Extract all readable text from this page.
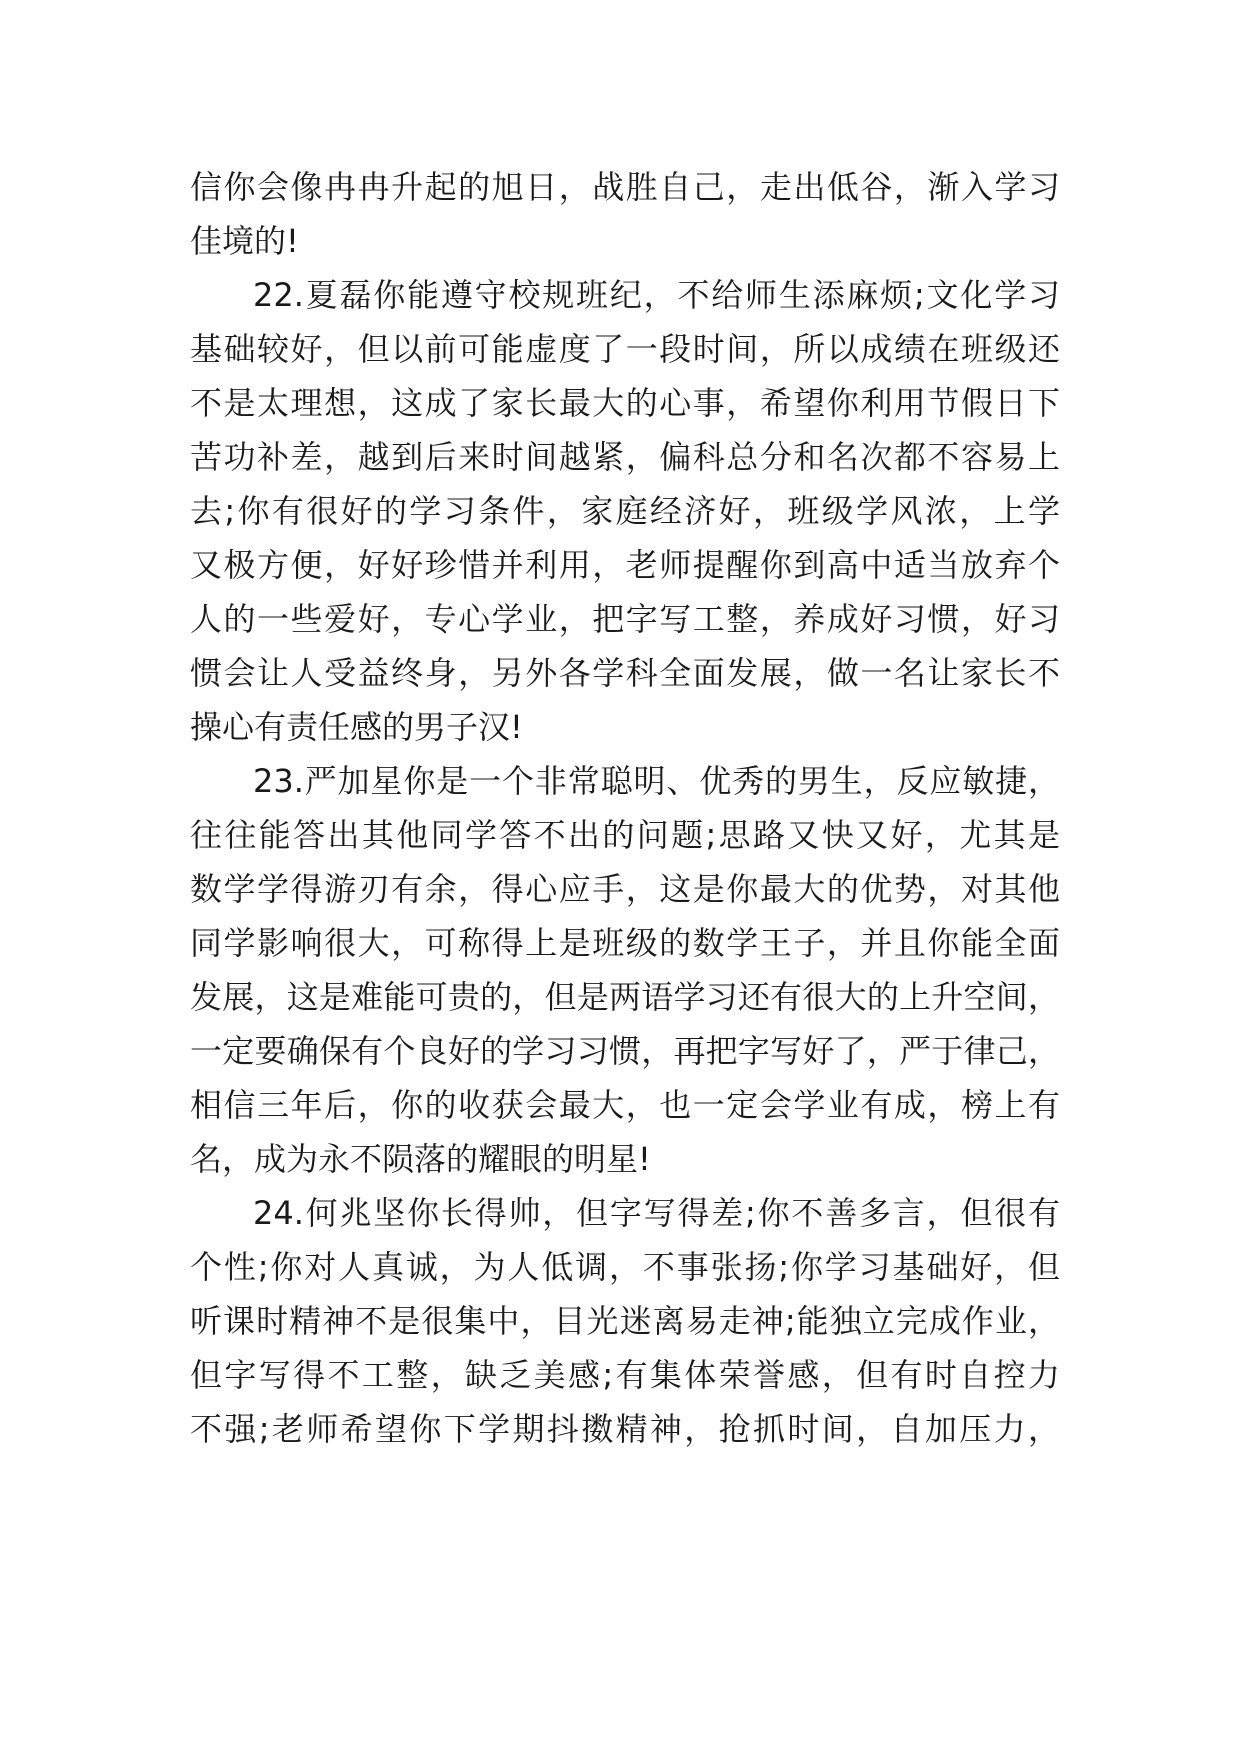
信你会像冉冉升起的旭日，战胜自己，走出低谷，渐入学习
佳境的!
22.夏磊你能遵守校规班纪，不给师生添麻烦;文化学习
基础较好，但以前可能虚度了一段时间，所以成绩在班级还
不是太理想，这成了家长最大的心事，希望你利用节假日下
苦功补差，越到后来时间越紧，偏科总分和名次都不容易上
去;你有很好的学习条件，家庭经济好，班级学风浓，上学
又极方便，好好珍惜并利用，老师提醒你到高中适当放弃个
人的一些爱好，专心学业，把字写工整，养成好习惯，好习
惯会让人受益终身，另外各学科全面发展，做一名让家长不
操心有责任感的男子汉!
23.严加星你是一个非常聪明、优秀的男生，反应敏捷，
往往能答出其他同学答不出的问题;思路又快又好，尤其是
数学学得游刃有余，得心应手，这是你最大的优势，对其他
同学影响很大，可称得上是班级的数学王子，并且你能全面
发展，这是难能可贵的，但是两语学习还有很大的上升空间，
一定要确保有个良好的学习习惯，再把字写好了，严于律己，
相信三年后，你的收获会最大，也一定会学业有成，榜上有
名，成为永不陨落的耀眼的明星!
24.何兆坚你长得帅，但字写得差;你不善多言，但很有
个性;你对人真诚，为人低调，不事张扬;你学习基础好，但
听课时精神不是很集中，目光迷离易走神;能独立完成作业，
但字写得不工整，缺乏美感;有集体荣誉感，但有时自控力
不强;老师希望你下学期抖擞精神，抢抓时间，自加压力，
